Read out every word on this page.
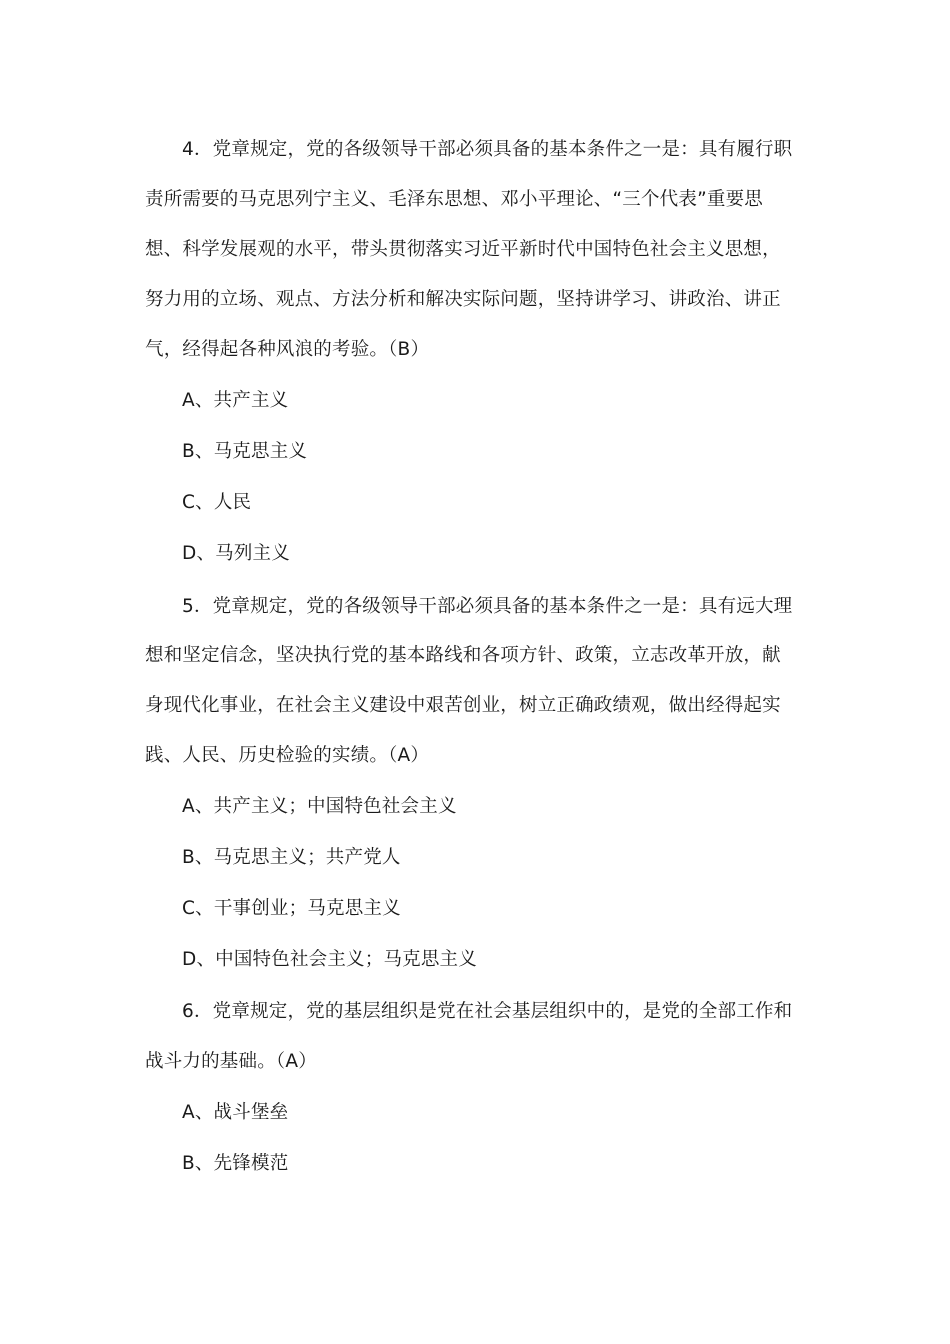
4．党章规定，党的各级领导干部必须具备的基本条件之一是：具有履行职
责所需要的马克思列宁主义、毛泽东思想、邓小平理论、“三个代表”重要思
想、科学发展观的水平，带头贯彻落实习近平新时代中国特色社会主义思想，
努力用的立场、观点、方法分析和解决实际问题，坚持讲学习、讲政治、讲正
气，经得起各种风浪的考验。（B）
A、共产主义
B、马克思主义
C、人民
D、马列主义
5．党章规定，党的各级领导干部必须具备的基本条件之一是：具有远大理
想和坚定信念，坚决执行党的基本路线和各项方针、政策，立志改革开放，献
身现代化事业，在社会主义建设中艰苦创业，树立正确政绩观，做出经得起实
践、人民、历史检验的实绩。（A）
A、共产主义；中国特色社会主义
B、马克思主义；共产党人
C、干事创业；马克思主义
D、中国特色社会主义；马克思主义
6．党章规定，党的基层组织是党在社会基层组织中的，是党的全部工作和
战斗力的基础。（A）
A、战斗堡垒
B、先锋模范
